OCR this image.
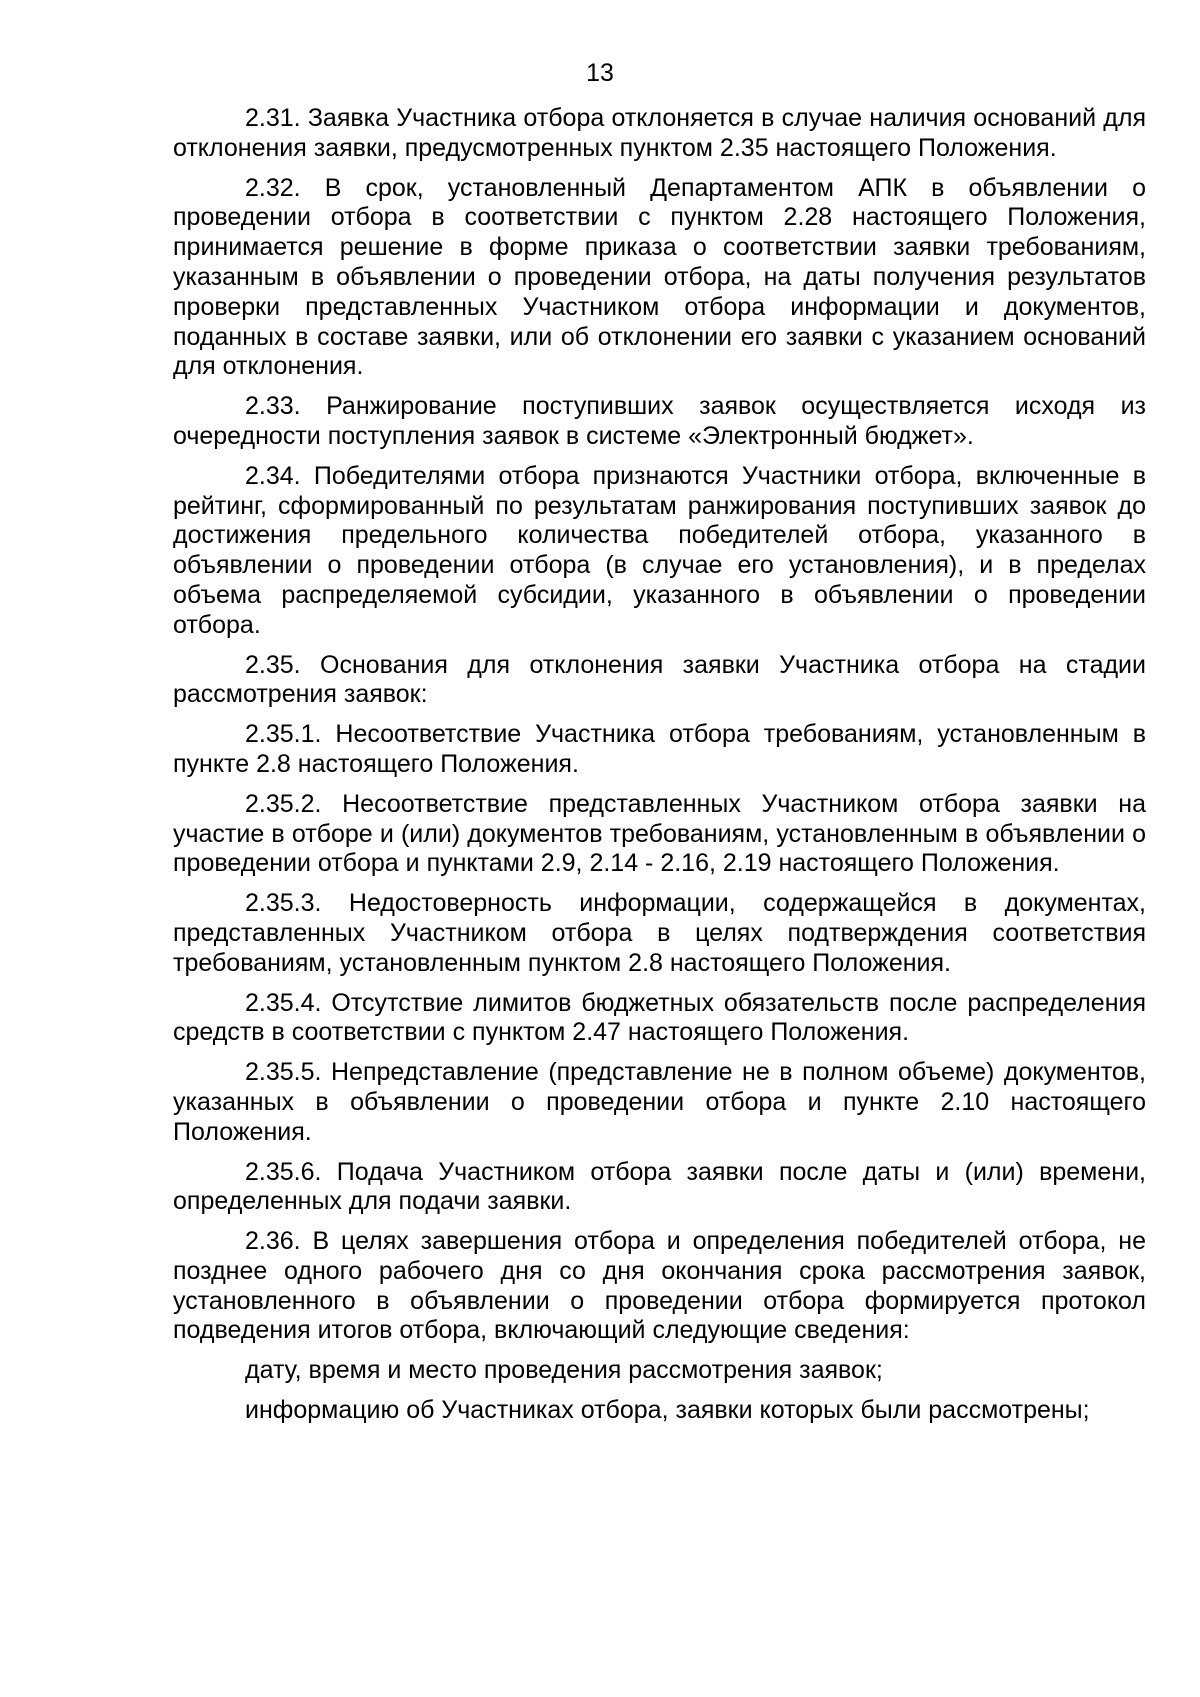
13

2.31. Заявка Участника отбора отклоняется в случае наличия оснований для отклонения заявки, предусмотренных пунктом 2.35 настоящего Положения.

2.32. В срок, установленный Департаментом АПК в объявлении о проведении отбора в соответствии с пунктом 2.28 настоящего Положения, принимается решение в форме приказа о соответствии заявки требованиям, указанным в объявлении о проведении отбора, на даты получения результатов проверки представленных Участником отбора информации и документов, поданных в составе заявки, или об отклонении его заявки с указанием оснований для отклонения.

2.33. Ранжирование поступивших заявок осуществляется исходя из очередности поступления заявок в системе «Электронный бюджет».

2.34. Победителями отбора признаются Участники отбора, включенные в рейтинг, сформированный по результатам ранжирования поступивших заявок до достижения предельного количества победителей отбора, указанного в объявлении о проведении отбора (в случае его установления), и в пределах объема распределяемой субсидии, указанного в объявлении о проведении отбора.

2.35. Основания для отклонения заявки Участника отбора на стадии рассмотрения заявок:

2.35.1. Несоответствие Участника отбора требованиям, установленным в пункте 2.8 настоящего Положения.

2.35.2. Несоответствие представленных Участником отбора заявки на участие в отборе и (или) документов требованиям, установленным в объявлении о проведении отбора и пунктами 2.9, 2.14 - 2.16, 2.19 настоящего Положения.

2.35.3. Недостоверность информации, содержащейся в документах, представленных Участником отбора в целях подтверждения соответствия требованиям, установленным пунктом 2.8 настоящего Положения.

2.35.4. Отсутствие лимитов бюджетных обязательств после распределения средств в соответствии с пунктом 2.47 настоящего Положения.

2.35.5. Непредставление (представление не в полном объеме) документов, указанных в объявлении о проведении отбора и пункте 2.10 настоящего Положения.

2.35.6. Подача Участником отбора заявки после даты и (или) времени, определенных для подачи заявки.

2.36. В целях завершения отбора и определения победителей отбора, не позднее одного рабочего дня со дня окончания срока рассмотрения заявок, установленного в объявлении о проведении отбора формируется протокол подведения итогов отбора, включающий следующие сведения:

дату, время и место проведения рассмотрения заявок;

информацию об Участниках отбора, заявки которых были рассмотрены;
